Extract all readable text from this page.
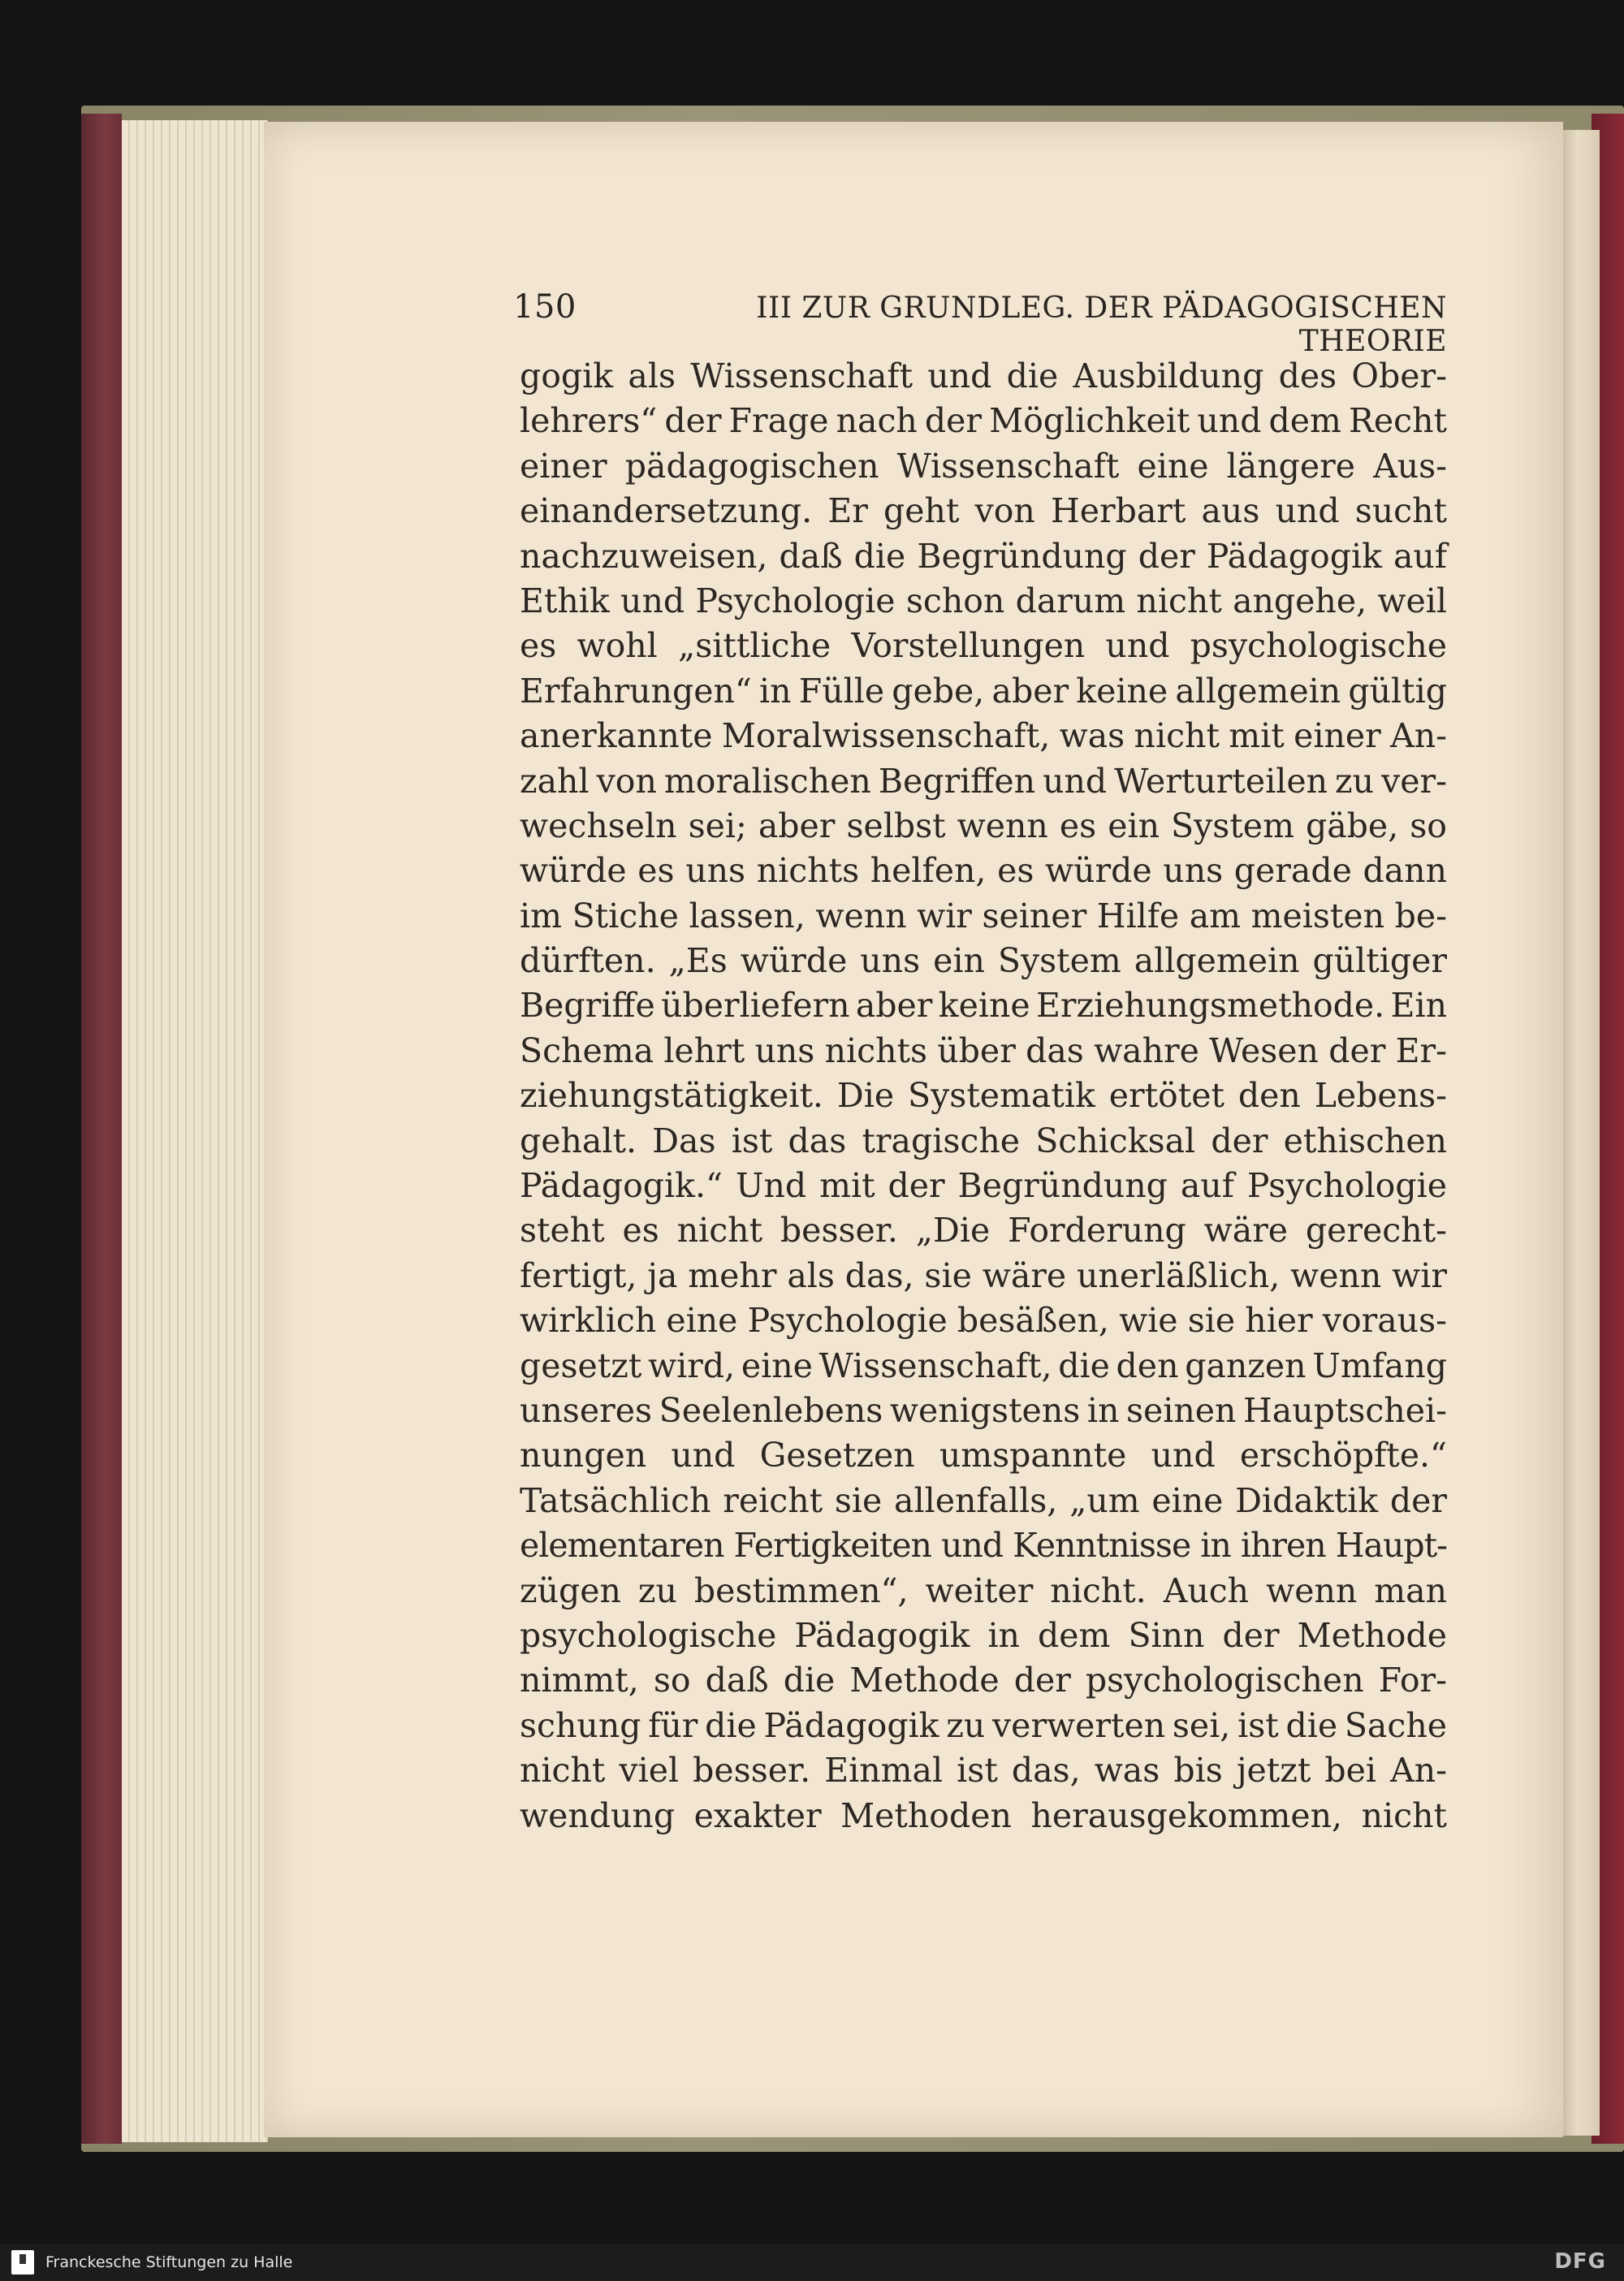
150	III ZUR GRUNDLEG. DER PÄDAGOGISCHEN THEORIE
gogik als Wissenschaft und die Ausbildung des Ober-
lehrers“ der Frage nach der Möglichkeit und dem Recht
einer pädagogischen Wissenschaft eine längere Aus-
einandersetzung. Er geht von Herbart aus und sucht
nachzuweisen, daß die Begründung der Pädagogik auf
Ethik und Psychologie schon darum nicht angehe, weil
es wohl „sittliche Vorstellungen und psychologische
Erfahrungen“ in Fülle gebe, aber keine allgemein gültig
anerkannte Moralwissenschaft, was nicht mit einer An-
zahl von moralischen Begriffen und Werturteilen zu ver-
wechseln sei; aber selbst wenn es ein System gäbe, so
würde es uns nichts helfen, es würde uns gerade dann
im Stiche lassen, wenn wir seiner Hilfe am meisten be-
dürften. „Es würde uns ein System allgemein gültiger
Begriffe überliefern aber keine Erziehungsmethode. Ein
Schema lehrt uns nichts über das wahre Wesen der Er-
ziehungstätigkeit. Die Systematik ertötet den Lebens-
gehalt. Das ist das tragische Schicksal der ethischen
Pädagogik.“ Und mit der Begründung auf Psychologie
steht es nicht besser. „Die Forderung wäre gerecht-
fertigt, ja mehr als das, sie wäre unerläßlich, wenn wir
wirklich eine Psychologie besäßen, wie sie hier voraus-
gesetzt wird, eine Wissenschaft, die den ganzen Umfang
unseres Seelenlebens wenigstens in seinen Hauptschei-
nungen und Gesetzen umspannte und erschöpfte.“
Tatsächlich reicht sie allenfalls, „um eine Didaktik der
elementaren Fertigkeiten und Kenntnisse in ihren Haupt-
zügen zu bestimmen“, weiter nicht. Auch wenn man
psychologische Pädagogik in dem Sinn der Methode
nimmt, so daß die Methode der psychologischen For-
schung für die Pädagogik zu verwerten sei, ist die Sache
nicht viel besser. Einmal ist das, was bis jetzt bei An-
wendung exakter Methoden herausgekommen, nicht
Franckesche Stiftungen zu Halle	DFG
